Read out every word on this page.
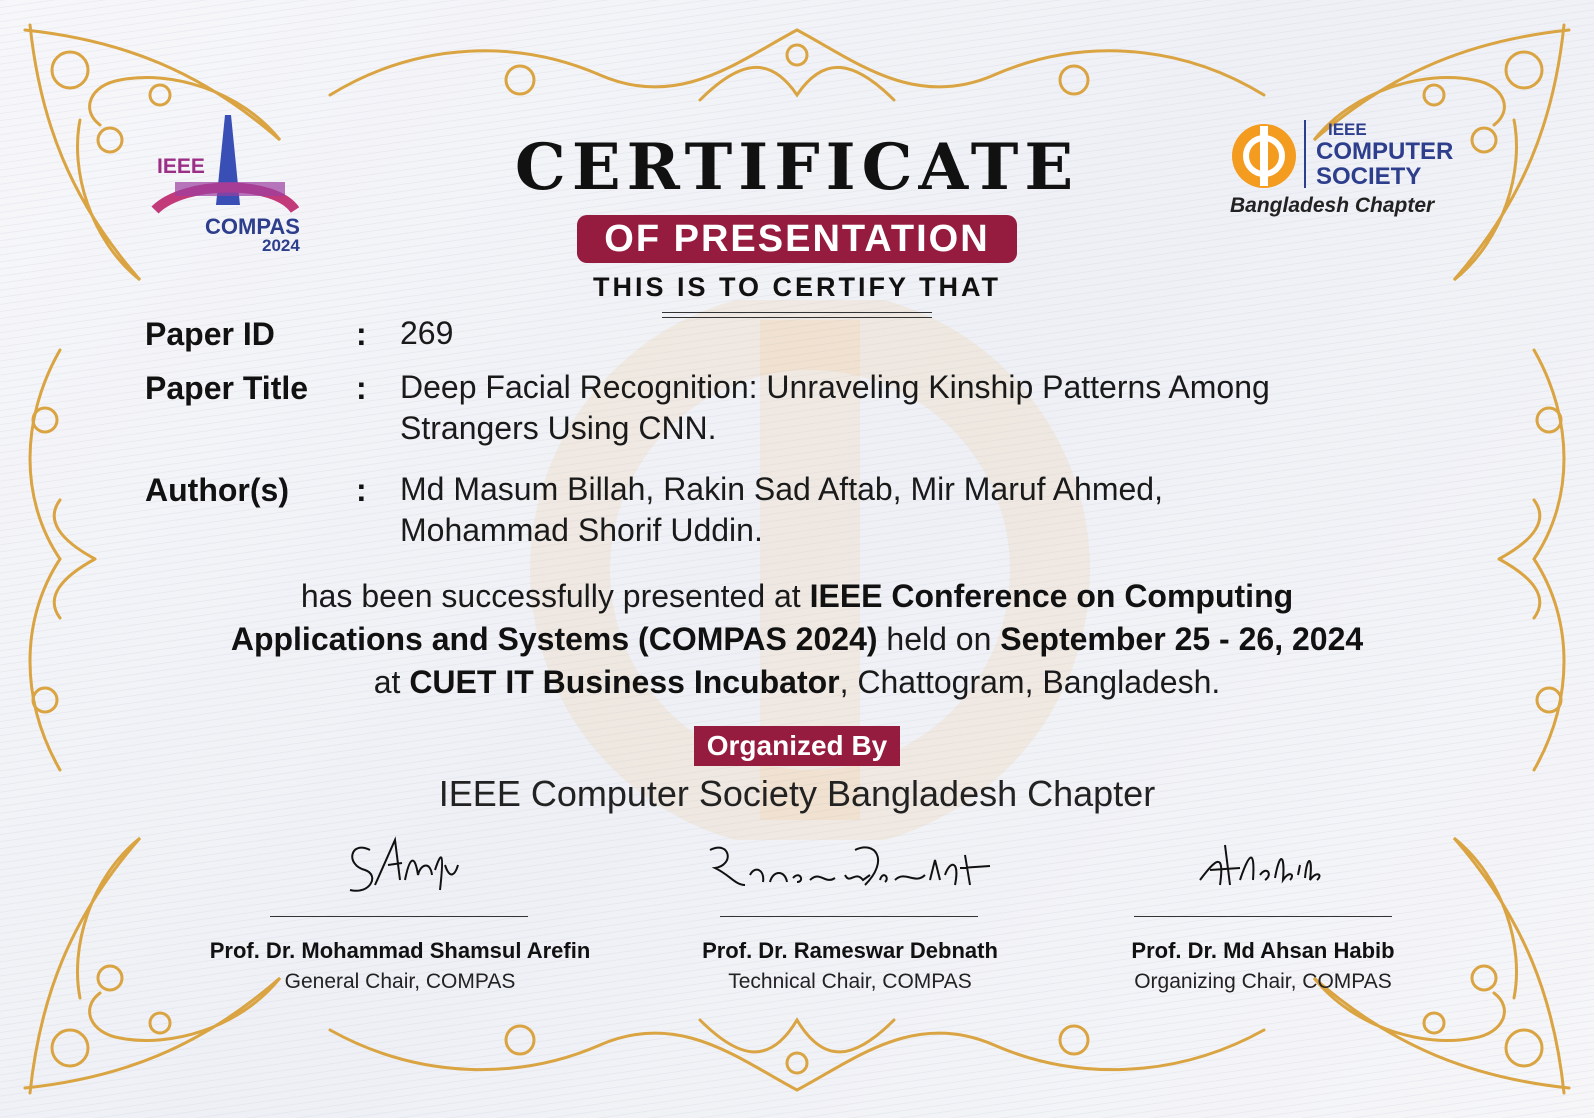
IEEE
COMPAS
2024
IEEE
COMPUTER
SOCIETY
Bangladesh Chapter
CERTIFICATE
OF PRESENTATION
THIS IS TO CERTIFY THAT
Paper ID	: 269
Paper Title : Deep Facial Recognition: Unraveling Kinship Patterns Among
Strangers Using CNN.
Author(s) : Md Masum Billah, Rakin Sad Aftab, Mir Maruf Ahmed,
Mohammad Shorif Uddin.
has been successfully presented at IEEE Conference on Computing
Applications and Systems (COMPAS 2024) held on September 25 - 26, 2024
at CUET IT Business Incubator, Chattogram, Bangladesh.
Organized By
IEEE Computer Society Bangladesh Chapter
Prof. Dr. Mohammad Shamsul Arefin
General Chair, COMPAS
Prof. Dr. Rameswar Debnath
Technical Chair, COMPAS
Prof. Dr. Md Ahsan Habib
Organizing Chair, COMPAS
